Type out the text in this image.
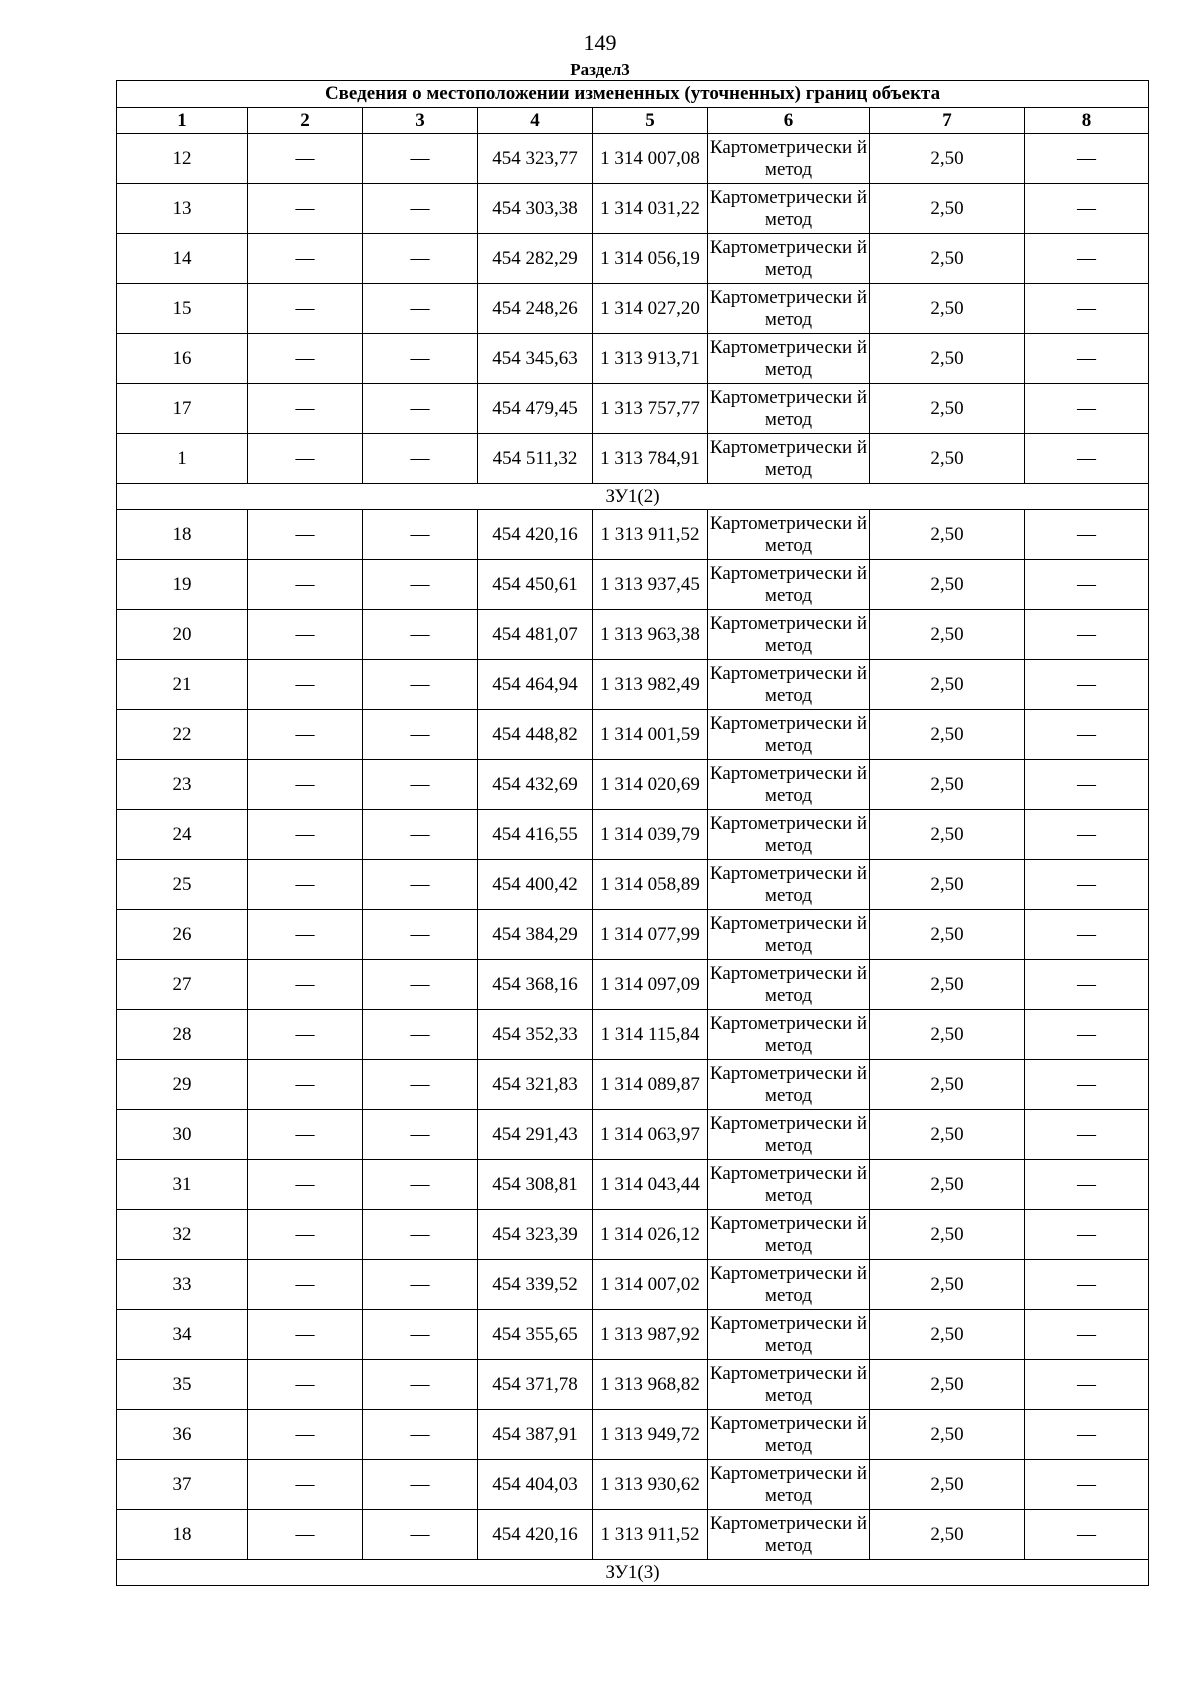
149
Раздел3
Сведения о местоположении измененных (уточненных) границ объекта							
1	2	3	4	5	6	7	8
12	—	—	454 323,77	1 314 007,08	Картометрически й метод	2,50	—
13	—	—	454 303,38	1 314 031,22	Картометрически й метод	2,50	—
14	—	—	454 282,29	1 314 056,19	Картометрически й метод	2,50	—
15	—	—	454 248,26	1 314 027,20	Картометрически й метод	2,50	—
16	—	—	454 345,63	1 313 913,71	Картометрически й метод	2,50	—
17	—	—	454 479,45	1 313 757,77	Картометрически й метод	2,50	—
1	—	—	454 511,32	1 313 784,91	Картометрически й метод	2,50	—
ЗУ1(2)							
18	—	—	454 420,16	1 313 911,52	Картометрически й метод	2,50	—
19	—	—	454 450,61	1 313 937,45	Картометрически й метод	2,50	—
20	—	—	454 481,07	1 313 963,38	Картометрически й метод	2,50	—
21	—	—	454 464,94	1 313 982,49	Картометрически й метод	2,50	—
22	—	—	454 448,82	1 314 001,59	Картометрически й метод	2,50	—
23	—	—	454 432,69	1 314 020,69	Картометрически й метод	2,50	—
24	—	—	454 416,55	1 314 039,79	Картометрически й метод	2,50	—
25	—	—	454 400,42	1 314 058,89	Картометрически й метод	2,50	—
26	—	—	454 384,29	1 314 077,99	Картометрически й метод	2,50	—
27	—	—	454 368,16	1 314 097,09	Картометрически й метод	2,50	—
28	—	—	454 352,33	1 314 115,84	Картометрически й метод	2,50	—
29	—	—	454 321,83	1 314 089,87	Картометрически й метод	2,50	—
30	—	—	454 291,43	1 314 063,97	Картометрически й метод	2,50	—
31	—	—	454 308,81	1 314 043,44	Картометрически й метод	2,50	—
32	—	—	454 323,39	1 314 026,12	Картометрически й метод	2,50	—
33	—	—	454 339,52	1 314 007,02	Картометрически й метод	2,50	—
34	—	—	454 355,65	1 313 987,92	Картометрически й метод	2,50	—
35	—	—	454 371,78	1 313 968,82	Картометрически й метод	2,50	—
36	—	—	454 387,91	1 313 949,72	Картометрически й метод	2,50	—
37	—	—	454 404,03	1 313 930,62	Картометрически й метод	2,50	—
18	—	—	454 420,16	1 313 911,52	Картометрически й метод	2,50	—
ЗУ1(3)							
